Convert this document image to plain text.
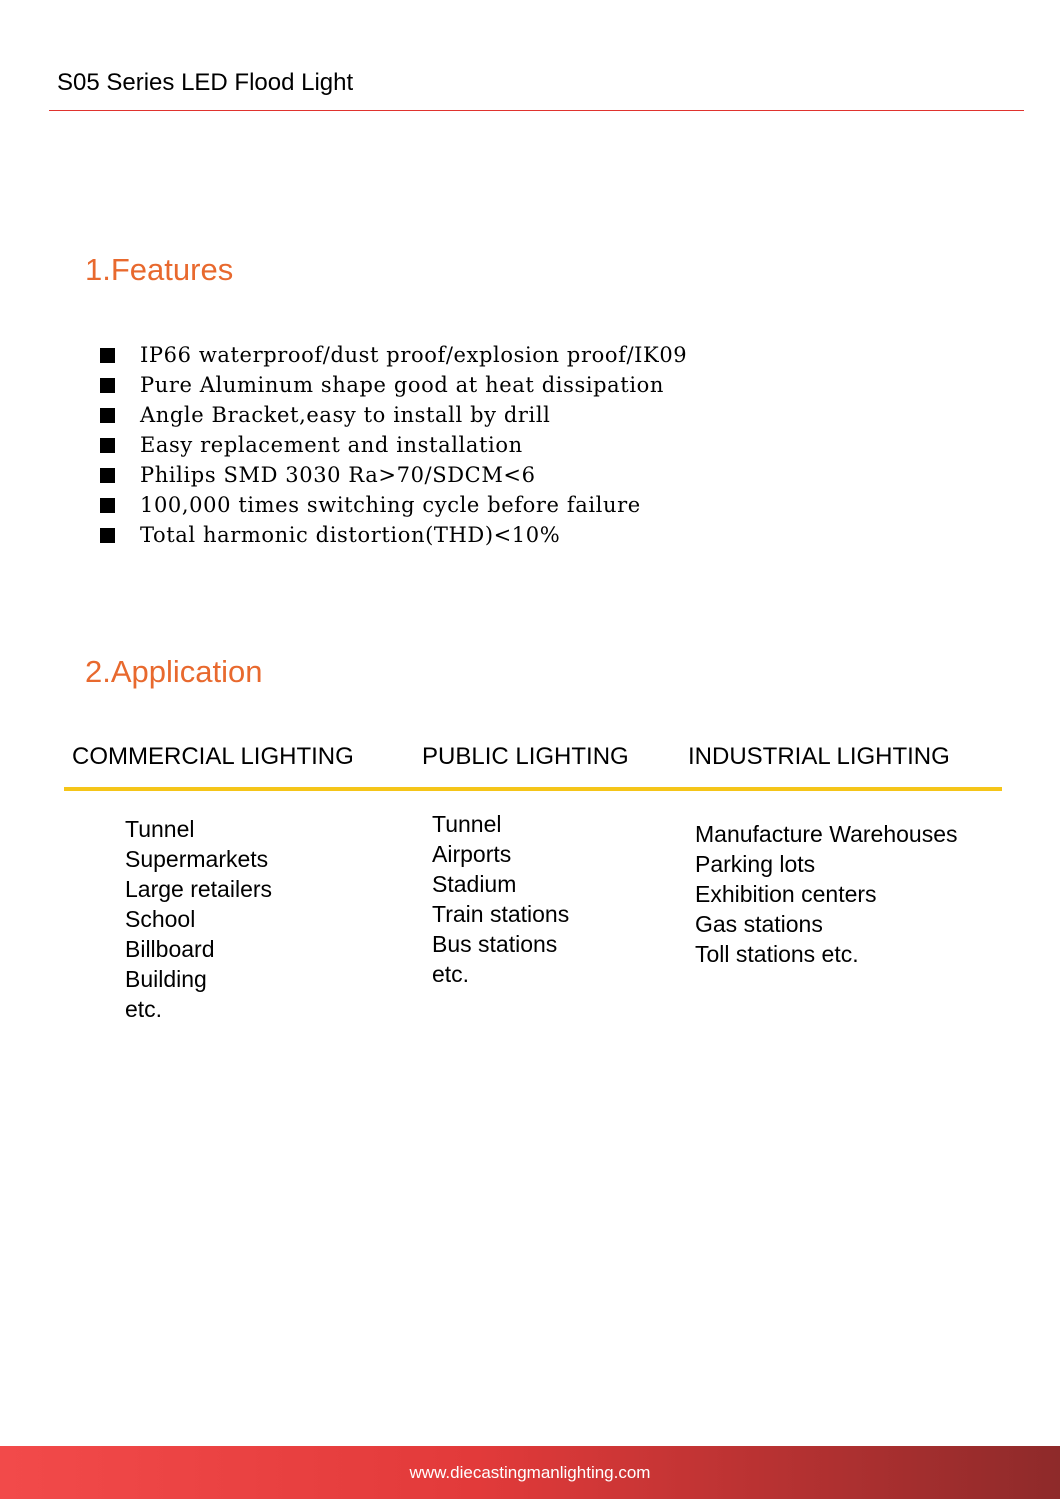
S05 Series LED Flood Light
1.Features
IP66 waterproof/dust proof/explosion proof/IK09
Pure Aluminum shape good at heat dissipation
Angle Bracket,easy to install by drill
Easy replacement and installation
Philips SMD 3030 Ra>70/SDCM<6
100,000 times switching cycle before failure
Total harmonic distortion(THD)<10%
2.Application
COMMERCIAL LIGHTING	PUBLIC LIGHTING INDUSTRIAL LIGHTING
Tunnel
Supermarkets
Large retailers
School
Billboard
Building
etc.
Tunnel
Airports
Stadium
Train stations
Bus stations
etc.
Manufacture Warehouses
Parking lots
Exhibition centers
Gas stations
Toll stations etc.
www.diecastingmanlighting.com
